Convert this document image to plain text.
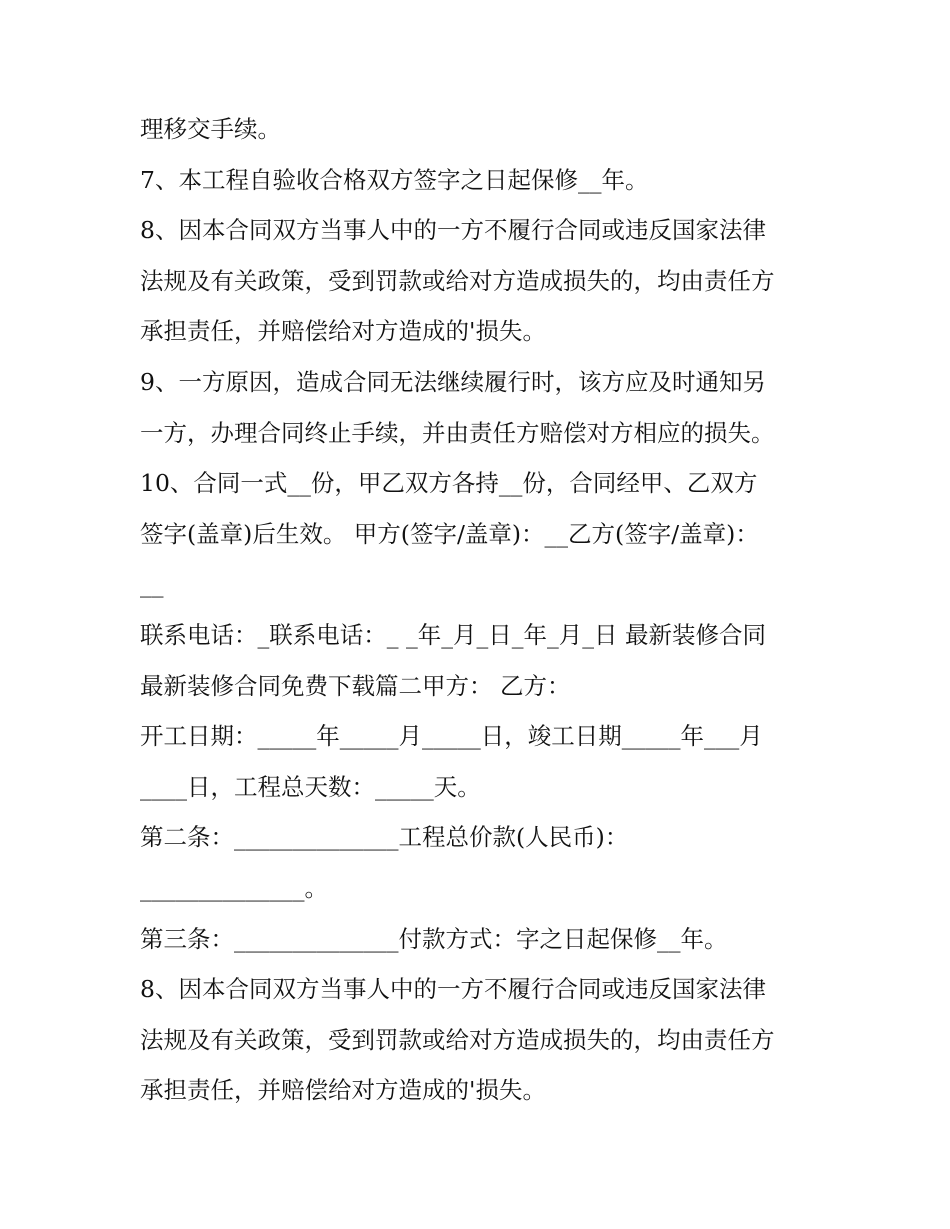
理移交手续。
7、本工程自验收合格双方签字之日起保修__年。
8、因本合同双方当事人中的一方不履行合同或违反国家法律
法规及有关政策，受到罚款或给对方造成损失的，均由责任方
承担责任，并赔偿给对方造成的'损失。
9、一方原因，造成合同无法继续履行时，该方应及时通知另
一方，办理合同终止手续，并由责任方赔偿对方相应的损失。
10、合同一式__份，甲乙双方各持__份，合同经甲、乙双方
签字(盖章)后生效。 甲方(签字/盖章)：__乙方(签字/盖章)：
__
联系电话：_联系电话：_ _年_月_日_年_月_日 最新装修合同
最新装修合同免费下载篇二甲方： 乙方：
开工日期：_____年_____月_____日，竣工日期_____年___月
____日，工程总天数：_____天。
第二条：______________工程总价款(人民币)：
______________。
第三条：______________付款方式：字之日起保修__年。
8、因本合同双方当事人中的一方不履行合同或违反国家法律
法规及有关政策，受到罚款或给对方造成损失的，均由责任方
承担责任，并赔偿给对方造成的'损失。
